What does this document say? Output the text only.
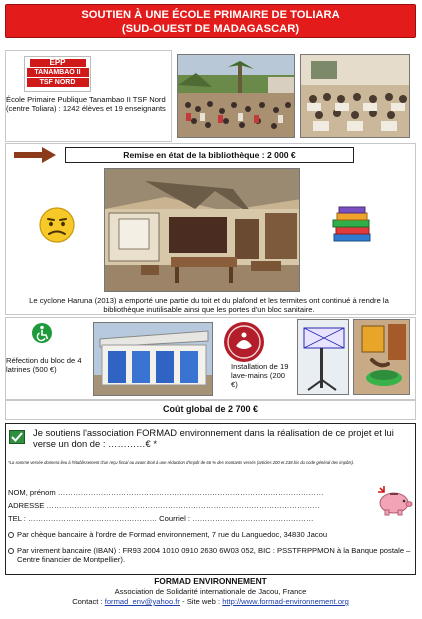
SOUTIEN À UNE ÉCOLE PRIMAIRE DE TOLIARA
(SUD-OUEST DE MADAGASCAR)
EPP
TANAMBAO II
TSF NORD
École Primaire Publique Tanambao II TSF Nord (centre Toliara) : 1242 élèves et 19 enseignants
Remise en état de la bibliothèque : 2 000 €
Le cyclone Haruna (2013) a emporté une partie du toit et du plafond et les termites ont continué à rendre la bibliothèque inutilisable ainsi que les portes d'un bloc sanitaire.
Réfection du bloc de 4 latrines (500 €)	Installation de 19 lave-mains (200 €)
Coût global de 2 700 €
Je soutiens l'association FORMAD environnement dans la réalisation de ce projet et lui verse un don de : …………€ *
*La somme versée donnera lieu à l'établissement d'un reçu fiscal ou avant droit à une réduction d'impôt de 66 % des montants versés (articles 200 et 238 bis du code général des impôts).
NOM, prénom ……………………………………………………………………………………………
ADRESSE ………………………………………………………………………………………………
TEL : …………………………………………… Courriel : …………………………………………
Par chèque bancaire à l'ordre de Formad environnement, 7 rue du Languedoc, 34830 Jacou
Par virement bancaire (IBAN) : FR93 2004 1010 0910 2630 6W03 052, BIC : PSSTFRPPMON à la Banque postale – Centre financier de Montpellier).
FORMAD ENVIRONNEMENT
Association de Solidarité internationale de Jacou, France
Contact : formad_env@yahoo.fr - Site web : http://www.formad-environnement.org
